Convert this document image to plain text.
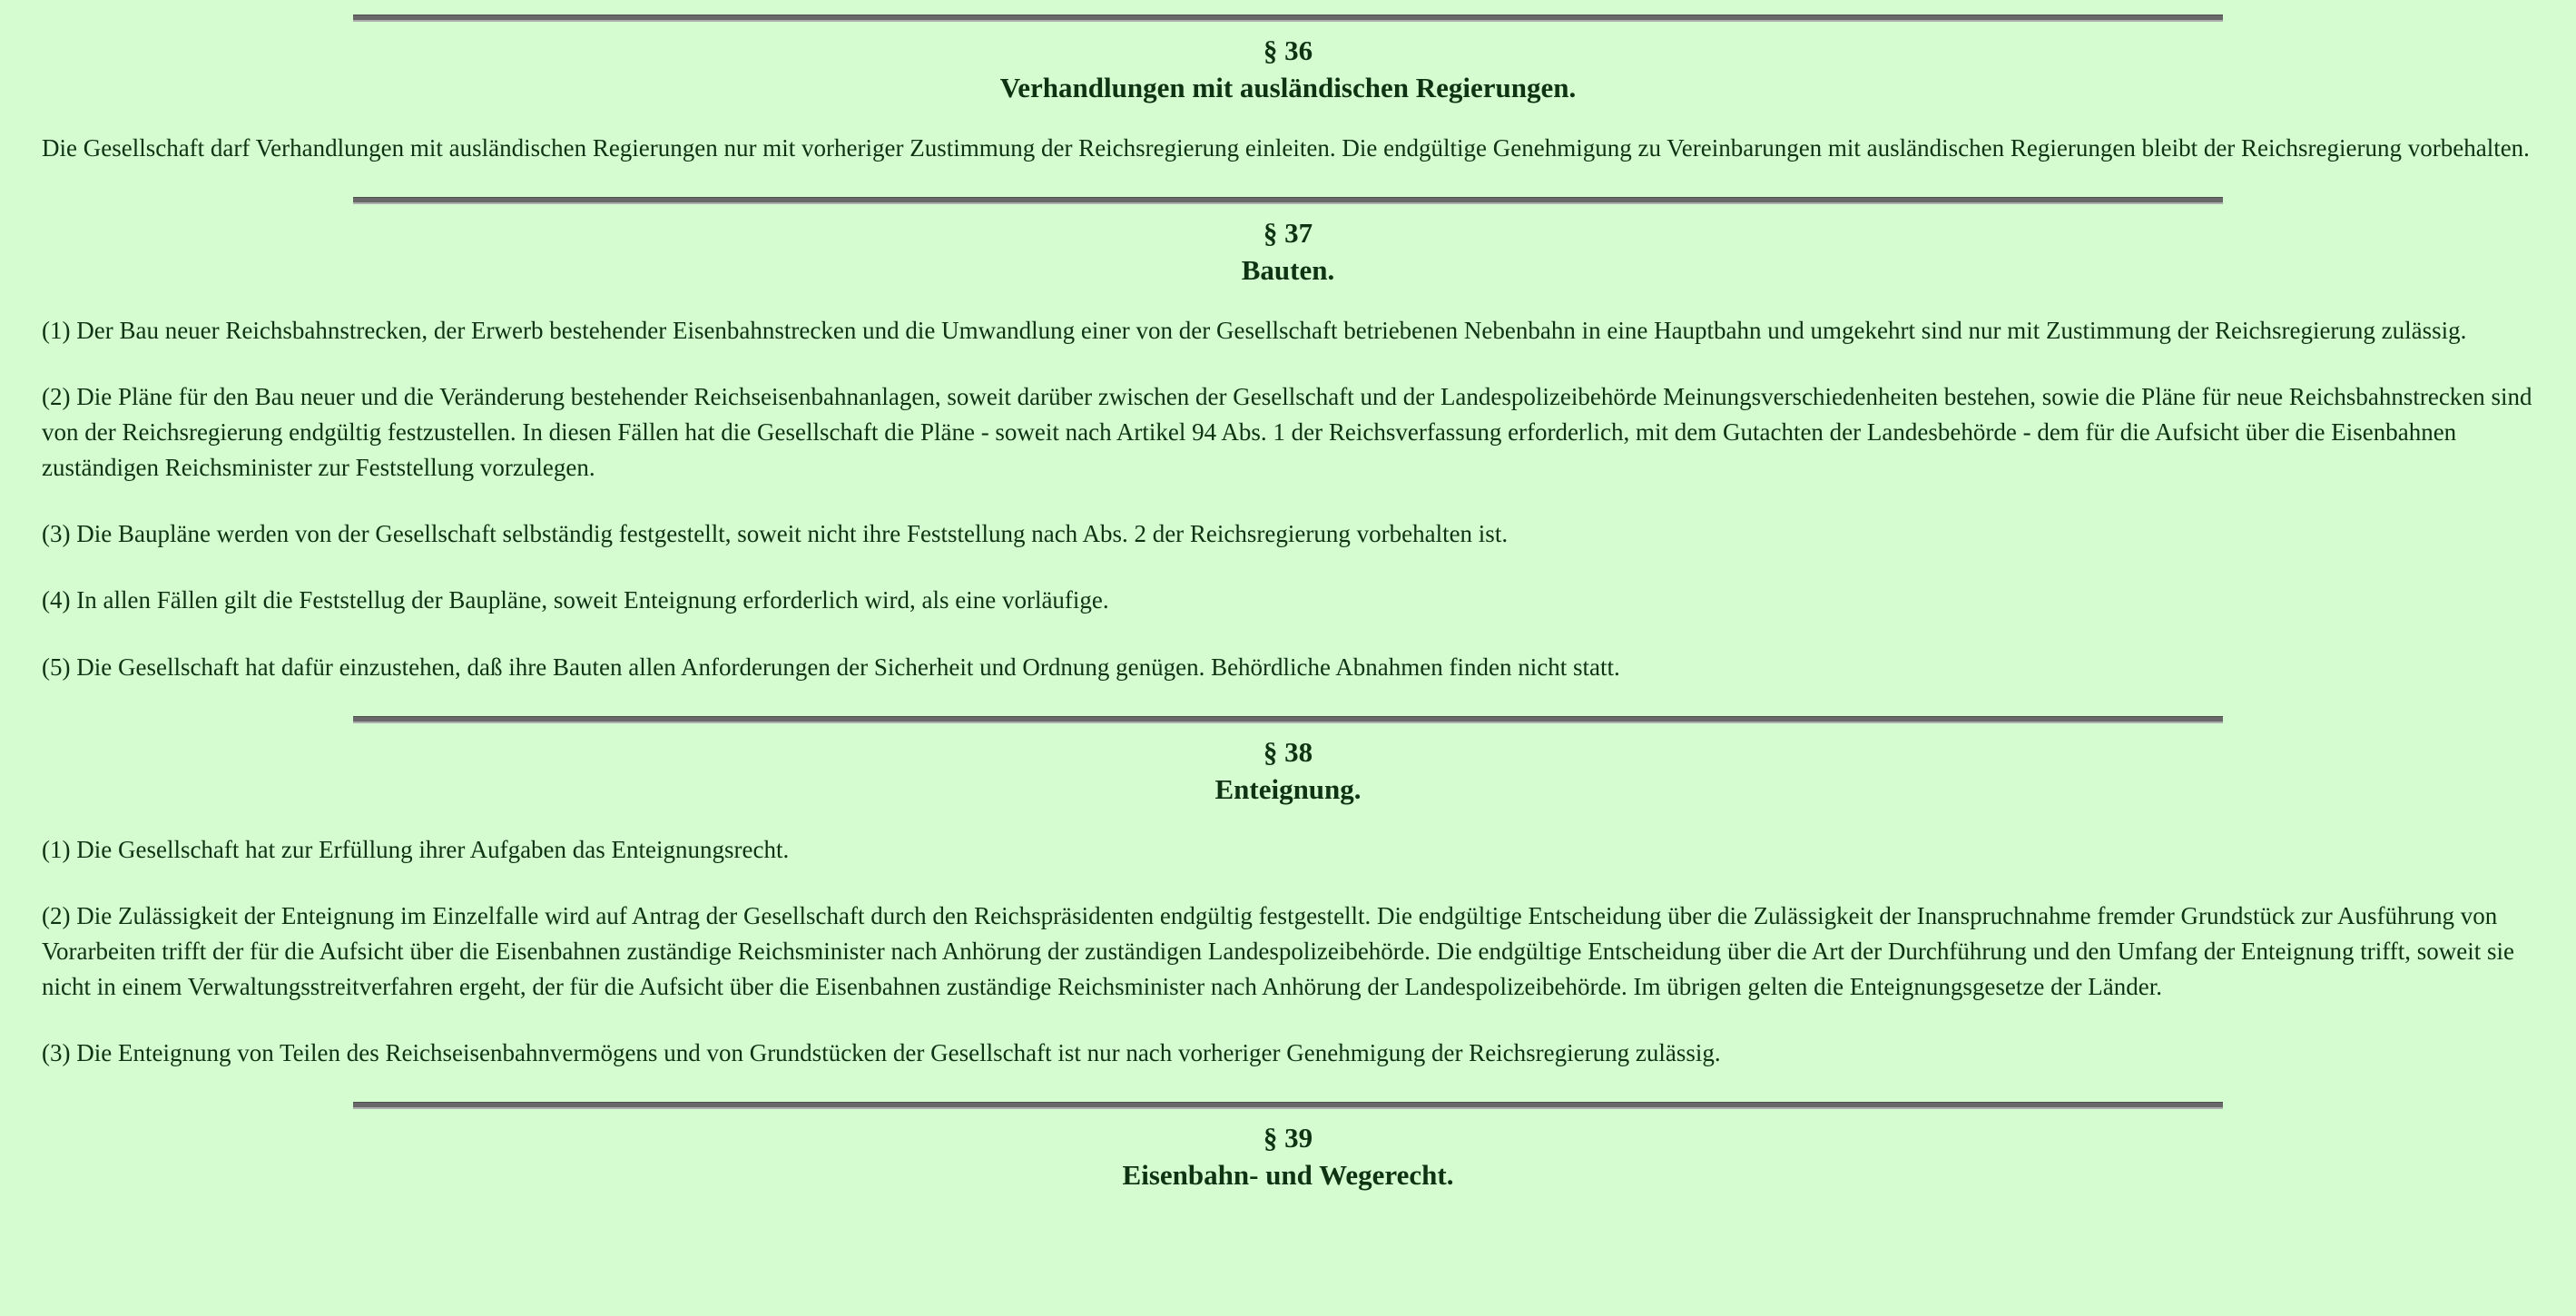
§ 36
Verhandlungen mit ausländischen Regierungen.

Die Gesellschaft darf Verhandlungen mit ausländischen Regierungen nur mit vorheriger Zustimmung der Reichsregierung einleiten. Die endgültige Genehmigung zu Vereinbarungen mit ausländischen Regierungen bleibt der Reichsregierung vorbehalten.

§ 37
Bauten.

(1) Der Bau neuer Reichsbahnstrecken, der Erwerb bestehender Eisenbahnstrecken und die Umwandlung einer von der Gesellschaft betriebenen Nebenbahn in eine Hauptbahn und umgekehrt sind nur mit Zustimmung der Reichsregierung zulässig.

(2) Die Pläne für den Bau neuer und die Veränderung bestehender Reichseisenbahnanlagen, soweit darüber zwischen der Gesellschaft und der Landespolizeibehörde Meinungsverschiedenheiten bestehen, sowie die Pläne für neue Reichsbahnstrecken sind von der Reichsregierung endgültig festzustellen. In diesen Fällen hat die Gesellschaft die Pläne - soweit nach Artikel 94 Abs. 1 der Reichsverfassung erforderlich, mit dem Gutachten der Landesbehörde - dem für die Aufsicht über die Eisenbahnen zuständigen Reichsminister zur Feststellung vorzulegen.

(3) Die Baupläne werden von der Gesellschaft selbständig festgestellt, soweit nicht ihre Feststellung nach Abs. 2 der Reichsregierung vorbehalten ist.

(4) In allen Fällen gilt die Feststellug der Baupläne, soweit Enteignung erforderlich wird, als eine vorläufige.

(5) Die Gesellschaft hat dafür einzustehen, daß ihre Bauten allen Anforderungen der Sicherheit und Ordnung genügen. Behördliche Abnahmen finden nicht statt.

§ 38
Enteignung.

(1) Die Gesellschaft hat zur Erfüllung ihrer Aufgaben das Enteignungsrecht.

(2) Die Zulässigkeit der Enteignung im Einzelfalle wird auf Antrag der Gesellschaft durch den Reichspräsidenten endgültig festgestellt. Die endgültige Entscheidung über die Zulässigkeit der Inanspruchnahme fremder Grundstück zur Ausführung von Vorarbeiten trifft der für die Aufsicht über die Eisenbahnen zuständige Reichsminister nach Anhörung der zuständigen Landespolizeibehörde. Die endgültige Entscheidung über die Art der Durchführung und den Umfang der Enteignung trifft, soweit sie nicht in einem Verwaltungsstreitverfahren ergeht, der für die Aufsicht über die Eisenbahnen zuständige Reichsminister nach Anhörung der Landespolizeibehörde. Im übrigen gelten die Enteignungsgesetze der Länder.

(3) Die Enteignung von Teilen des Reichseisenbahnvermögens und von Grundstücken der Gesellschaft ist nur nach vorheriger Genehmigung der Reichsregierung zulässig.

§ 39
Eisenbahn- und Wegerecht.
